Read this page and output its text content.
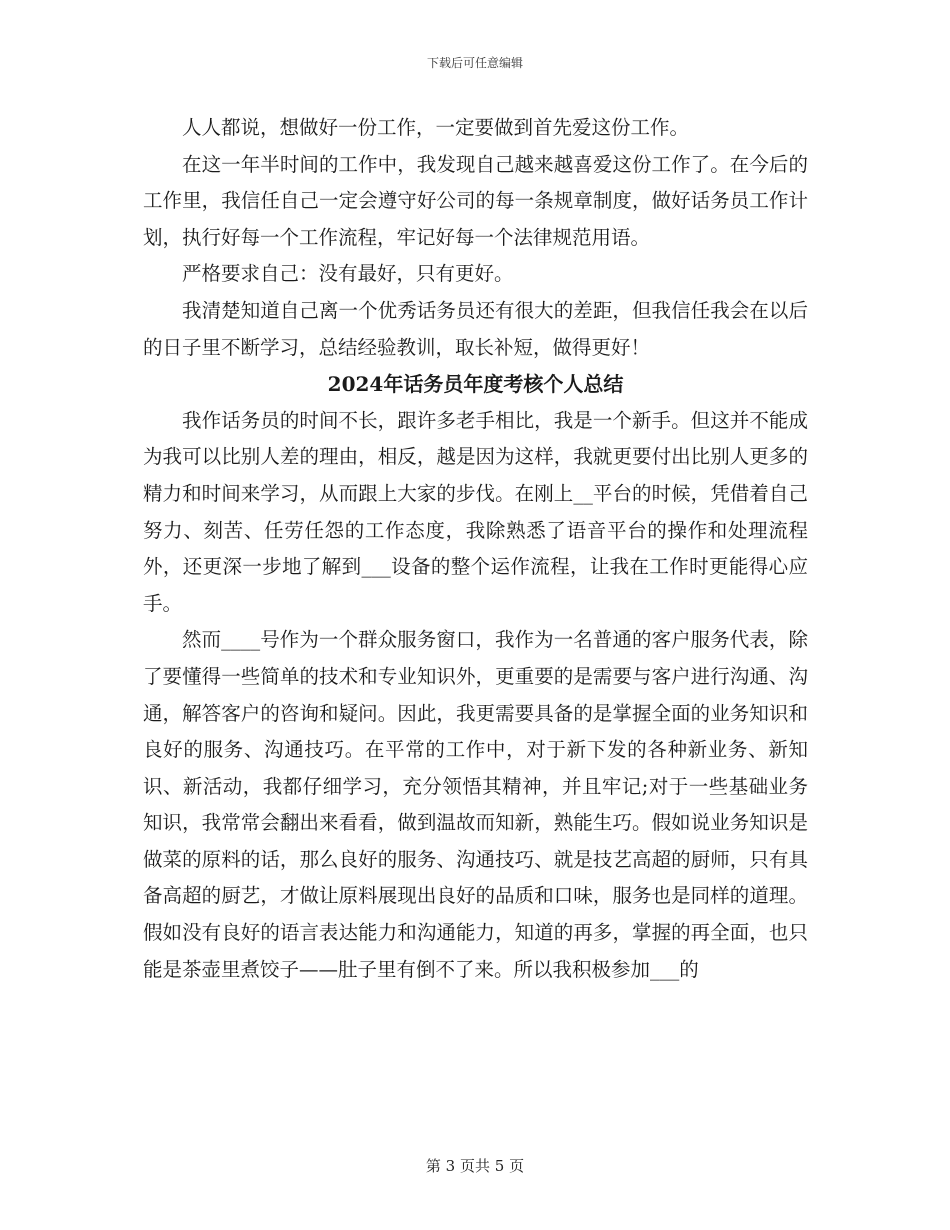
下载后可任意编辑

人人都说，想做好一份工作，一定要做到首先爱这份工作。

在这一年半时间的工作中，我发现自己越来越喜爱这份工作了。在今后的工作里，我信任自己一定会遵守好公司的每一条规章制度，做好话务员工作计划，执行好每一个工作流程，牢记好每一个法律规范用语。

严格要求自己：没有最好，只有更好。

我清楚知道自己离一个优秀话务员还有很大的差距，但我信任我会在以后的日子里不断学习，总结经验教训，取长补短，做得更好！

2024年话务员年度考核个人总结

我作话务员的时间不长，跟许多老手相比，我是一个新手。但这并不能成为我可以比别人差的理由，相反，越是因为这样，我就更要付出比别人更多的精力和时间来学习，从而跟上大家的步伐。在刚上__平台的时候，凭借着自己努力、刻苦、任劳任怨的工作态度，我除熟悉了语音平台的操作和处理流程外，还更深一步地了解到___设备的整个运作流程，让我在工作时更能得心应手。

然而____号作为一个群众服务窗口，我作为一名普通的客户服务代表，除了要懂得一些简单的技术和专业知识外，更重要的是需要与客户进行沟通、沟通，解答客户的咨询和疑问。因此，我更需要具备的是掌握全面的业务知识和良好的服务、沟通技巧。在平常的工作中，对于新下发的各种新业务、新知识、新活动，我都仔细学习，充分领悟其精神，并且牢记;对于一些基础业务知识，我常常会翻出来看看，做到温故而知新，熟能生巧。假如说业务知识是做菜的原料的话，那么良好的服务、沟通技巧、就是技艺高超的厨师，只有具备高超的厨艺，才做让原料展现出良好的品质和口味，服务也是同样的道理。假如没有良好的语言表达能力和沟通能力，知道的再多，掌握的再全面，也只能是茶壶里煮饺子——肚子里有倒不了来。所以我积极参加___的

第 3 页共 5 页
